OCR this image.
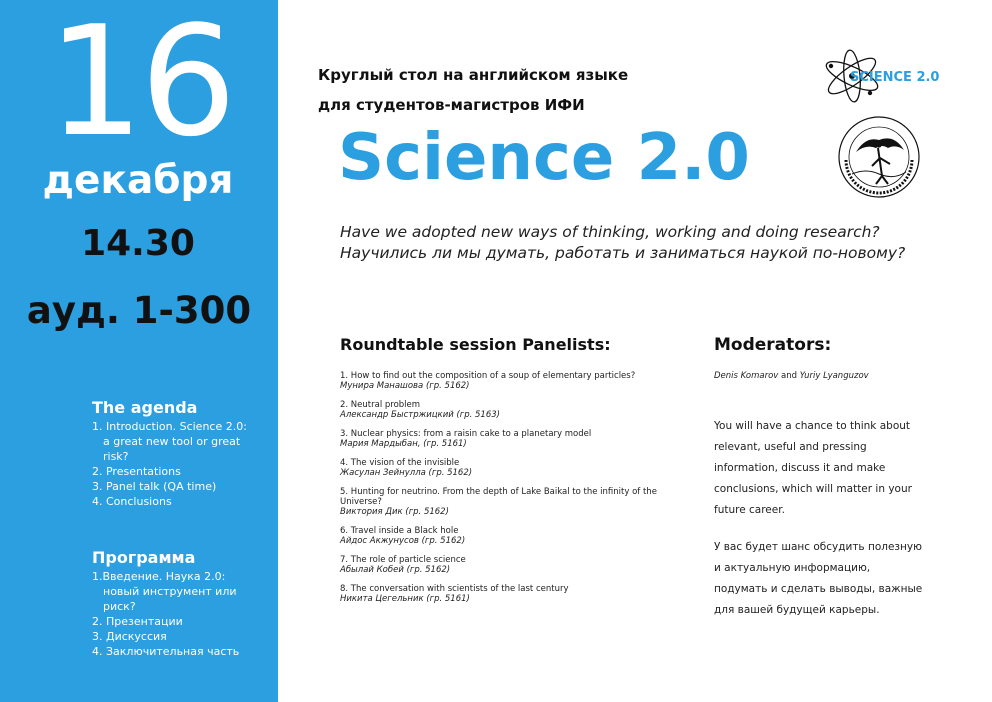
16
декабря
14.30
ауд. 1-300
The agenda
1. Introduction. Science 2.0:
a great new tool or great risk?
2. Presentations
3. Panel talk (QA time)
4. Conclusions
Программа
1.Введение. Наука 2.0:
новый инструмент или риск?
2. Презентации
3. Дискуссия
4. Заключительная часть
Круглый стол на английском языке
для студентов-магистров ИФИ
Science 2.0
Have we adopted new ways of thinking, working and doing research?
Научились ли мы думать, работать и заниматься наукой по-новому?
SCIENCE 2.0
Roundtable session Panelists:	Moderators:
1. How to find out the composition of a soup of elementary particles?
Мунира Манашова (гр. 5162)
2. Neutral problem
Александр Быстржицкий (гр. 5163)
3. Nuclear physics: from a raisin cake to a planetary model
Мария Мардыбан, (гр. 5161)
4. The vision of the invisible
Жасулан Зейнулла (гр. 5162)
5. Hunting for neutrino. From the depth of Lake Baikal to the infinity of the Universe?
Виктория Дик (гр. 5162)
6. Travel inside a Black hole
Айдос Акжунусов (гр. 5162)
7. The role of particle science
Абылай Кобей (гр. 5162)
8. The conversation with scientists of the last century
Никита Цегельник (гр. 5161)
Denis Komarov and Yuriy Lyanguzov
You will have a chance to think about relevant, useful and pressing information, discuss it and make conclusions, which will matter in your future career.
У вас будет шанс обсудить полезную и актуальную информацию, подумать и сделать выводы, важные для вашей будущей карьеры.
